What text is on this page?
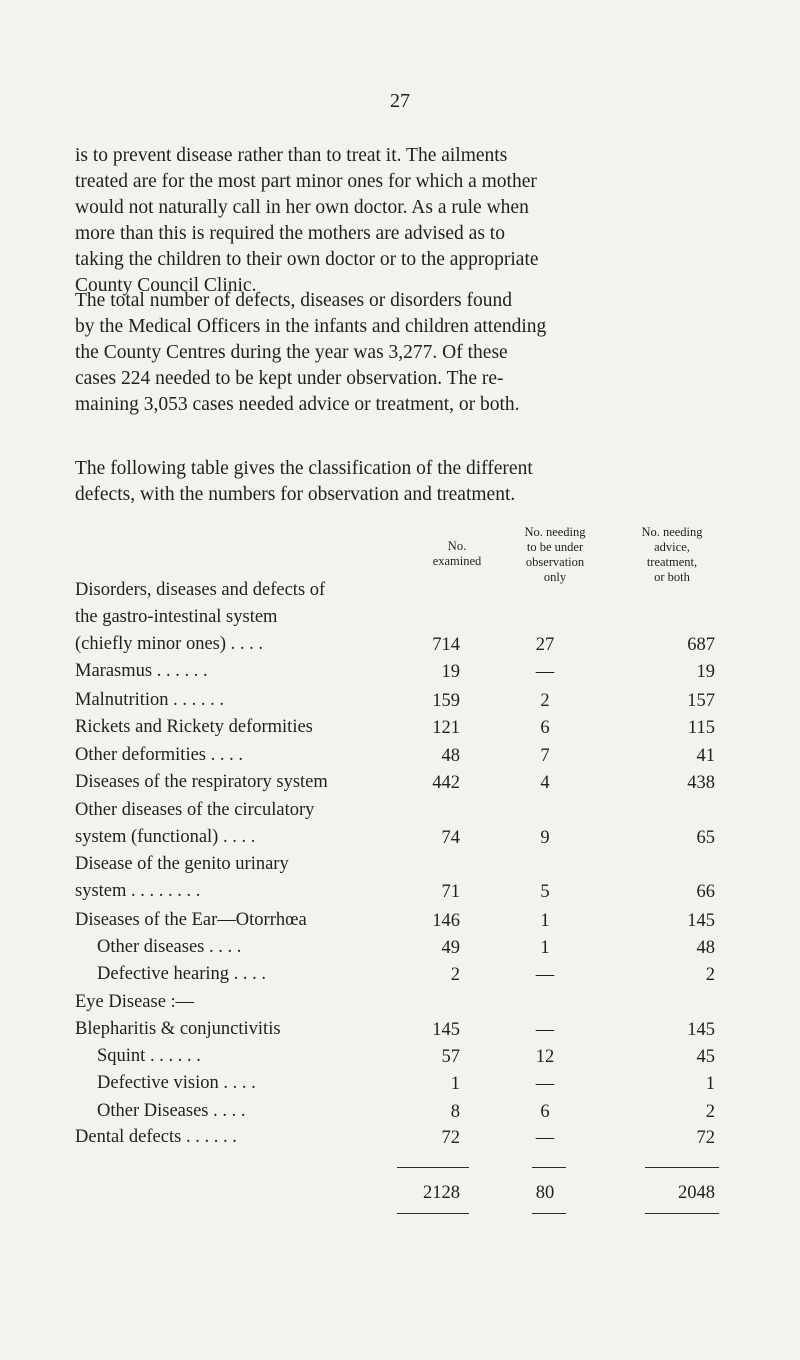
27

is to prevent disease rather than to treat it. The ailments
treated are for the most part minor ones for which a mother
would not naturally call in her own doctor. As a rule when
more than this is required the mothers are advised as to
taking the children to their own doctor or to the appropriate
County Council Clinic.

The total number of defects, diseases or disorders found
by the Medical Officers in the infants and children attending
the County Centres during the year was 3,277. Of these
cases 224 needed to be kept under observation. The re-
maining 3,053 cases needed advice or treatment, or both.

The following table gives the classification of the different
defects, with the numbers for observation and treatment.

No.
examined
No. needing
to be under
observation
only
No. needing
advice,
treatment,
or both
Disorders, diseases and defects of
the gastro-intestinal system
(chiefly minor ones) . . . .	714	27	687
Marasmus . . . . . .	19	—	19
Malnutrition . . . . . .	159	2	157
Rickets and Rickety deformities	121	6	115
Other deformities . . . .	48	7	41
Diseases of the respiratory system	442	4	438
Other diseases of the circulatory
system (functional) . . . .	74	9	65
Disease of the genito urinary
system . . . . . . . .	71	5	66
Diseases of the Ear—Otorrhœa	146	1	145
Other diseases . . . .	49	1	48
Defective hearing . . . .	2	—	2
Eye Disease :—
Blepharitis & conjunctivitis	145	—	145
Squint . . . . . .	57	12	45
Defective vision . . . .	1	—	1
Other Diseases . . . .	8	6	2
Dental defects . . . . . .	72	—	72
2128	80	2048
